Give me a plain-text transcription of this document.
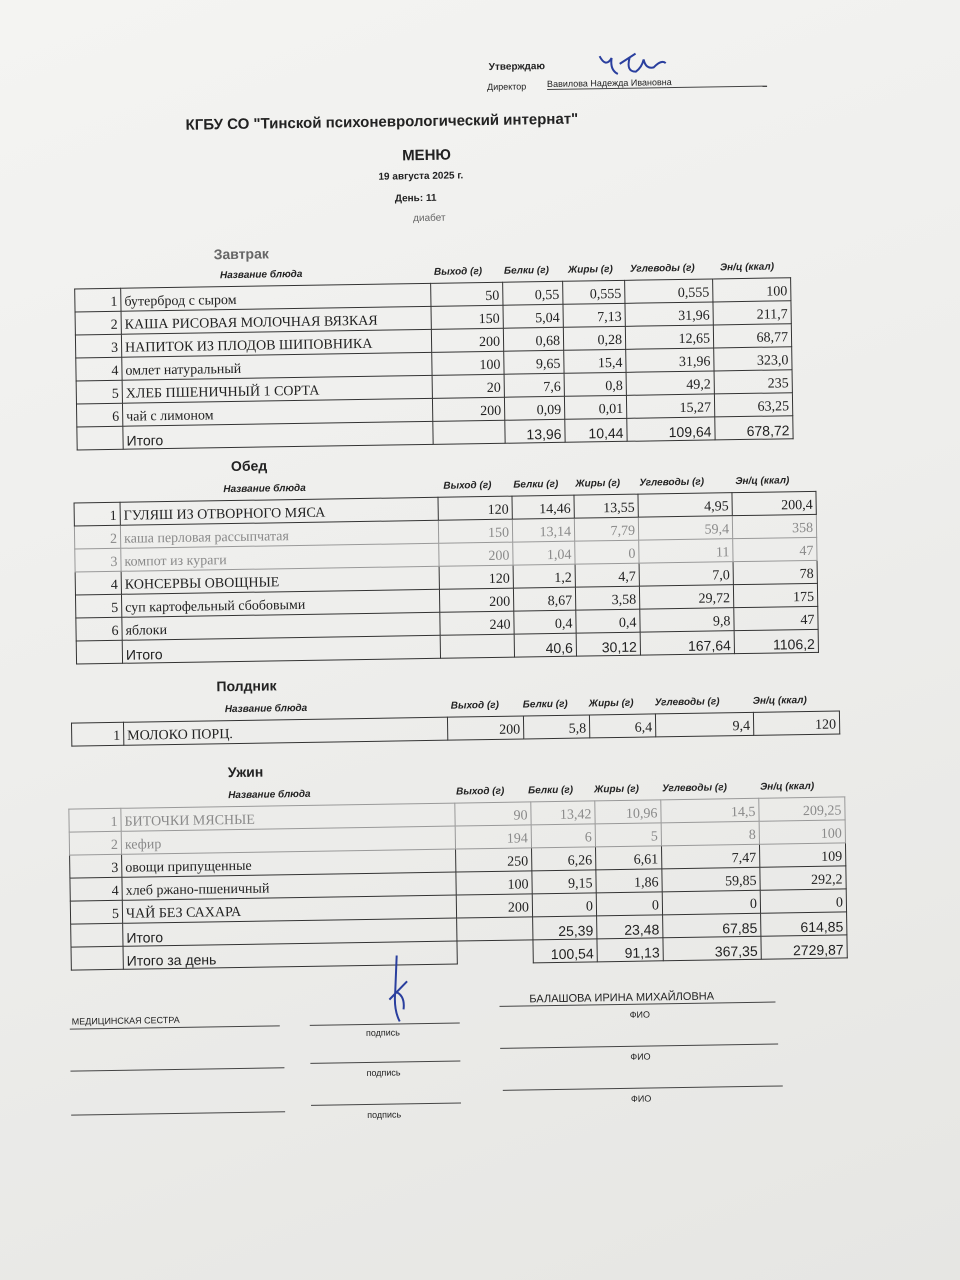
Утверждаю
Директор Вавилова Надежда Ивановна
КГБУ СО "Тинской психоневрологический интернат"
МЕНЮ
19 августа 2025 г.
День: 11
диабет
Завтрак
Название блюда	Выход (г) Белки (г) Жиры (г) Углеводы (г)	Эн/ц (ккал)
1	бутерброд с сыром	50	0,55	0,555	0,555	100
2	КАША РИСОВАЯ МОЛОЧНАЯ ВЯЗКАЯ	150	5,04	7,13	31,96	211,7
3	НАПИТОК ИЗ ПЛОДОВ ШИПОВНИКА	200	0,68	0,28	12,65	68,77
4	омлет натуральный	100	9,65	15,4	31,96	323,0
5	ХЛЕБ ПШЕНИЧНЫЙ 1 СОРТА	20	7,6	0,8	49,2	235
6	чай с лимоном	200	0,09	0,01	15,27	63,25
	Итого		13,96	10,44	109,64	678,72
Обед
Название блюда	Выход (г) Белки (г) Жиры (г) Углеводы (г)	Эн/ц (ккал)
1	ГУЛЯШ ИЗ ОТВОРНОГО МЯСА	120	14,46	13,55	4,95	200,4
2	каша перловая рассыпчатая	150	13,14	7,79	59,4	358
3	компот из кураги	200	1,04	0	11	47
4	КОНСЕРВЫ ОВОЩНЫЕ	120	1,2	4,7	7,0	78
5	суп картофельный сбобовыми	200	8,67	3,58	29,72	175
6	яблоки	240	0,4	0,4	9,8	47
	Итого		40,6	30,12	167,64	1106,2
Полдник
Название блюда	Выход (г) Белки (г) Жиры (г) Углеводы (г)	Эн/ц (ккал)
1	МОЛОКО ПОРЦ.	200	5,8	6,4	9,4	120
Ужин
Название блюда	Выход (г) Белки (г) Жиры (г) Углеводы (г)	Эн/ц (ккал)
1	БИТОЧКИ МЯСНЫЕ	90	13,42	10,96	14,5	209,25
2	кефир	194	6	5	8	100
3	овощи припущенные	250	6,26	6,61	7,47	109
4	хлеб ржано-пшеничный	100	9,15	1,86	59,85	292,2
5	ЧАЙ БЕЗ САХАРА	200	0	0	0	0
	Итого		25,39	23,48	67,85	614,85
	Итого за день		100,54	91,13	367,35	2729,87
МЕДИЦИНСКАЯ СЕСТРА
подпись
БАЛАШОВА ИРИНА МИХАЙЛОВНА
ФИО
подпись
ФИО
подпись
ФИО
